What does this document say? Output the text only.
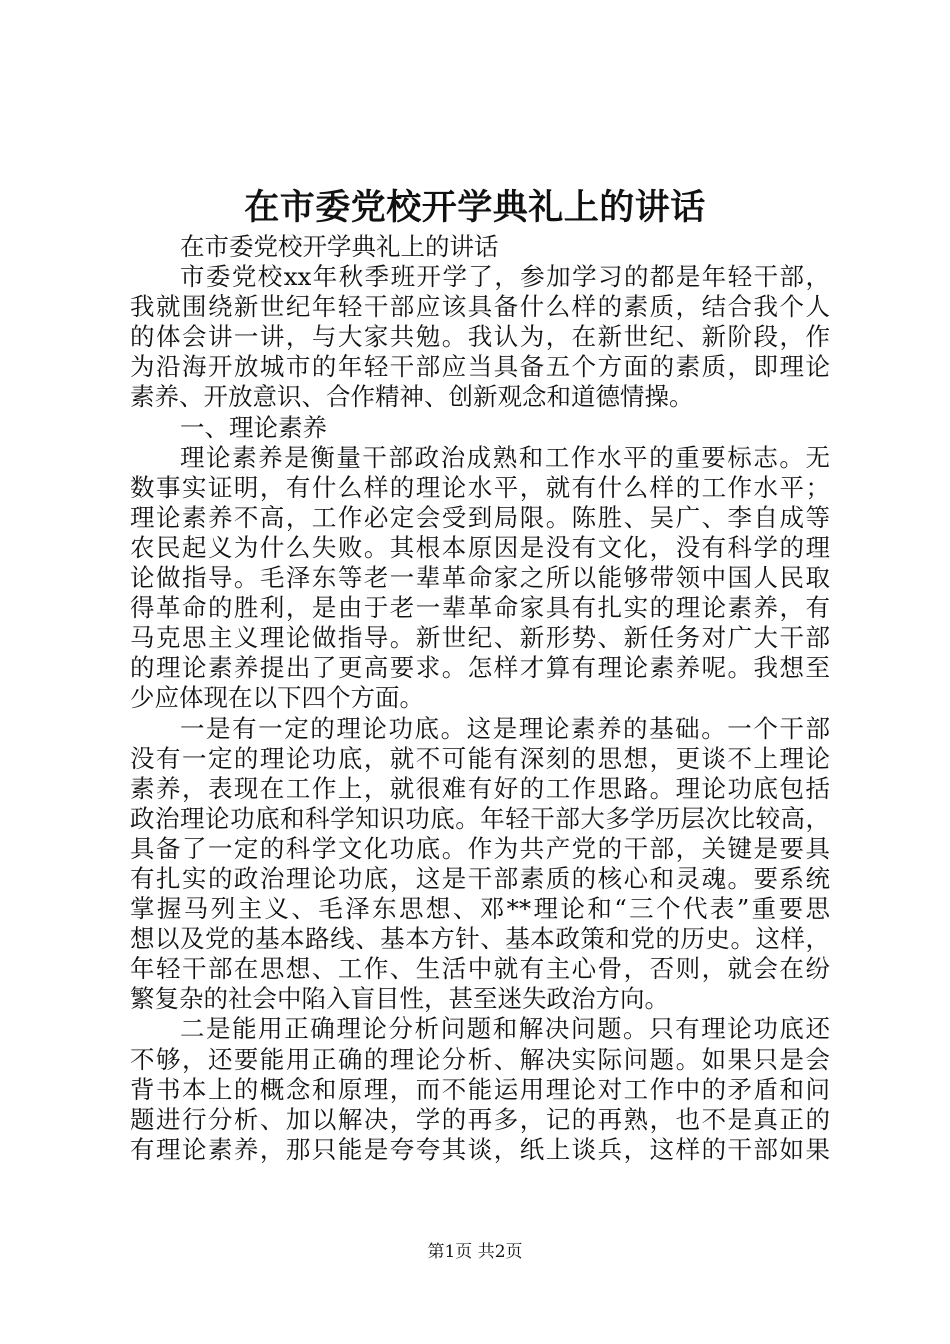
在市委党校开学典礼上的讲话
在市委党校开学典礼上的讲话
市委党校xx年秋季班开学了，参加学习的都是年轻干部，
我就围绕新世纪年轻干部应该具备什么样的素质，结合我个人
的体会讲一讲，与大家共勉。我认为，在新世纪、新阶段，作
为沿海开放城市的年轻干部应当具备五个方面的素质，即理论
素养、开放意识、合作精神、创新观念和道德情操。
一、理论素养
理论素养是衡量干部政治成熟和工作水平的重要标志。无
数事实证明，有什么样的理论水平，就有什么样的工作水平；
理论素养不高，工作必定会受到局限。陈胜、吴广、李自成等
农民起义为什么失败。其根本原因是没有文化，没有科学的理
论做指导。毛泽东等老一辈革命家之所以能够带领中国人民取
得革命的胜利，是由于老一辈革命家具有扎实的理论素养，有
马克思主义理论做指导。新世纪、新形势、新任务对广大干部
的理论素养提出了更高要求。怎样才算有理论素养呢。我想至
少应体现在以下四个方面。
一是有一定的理论功底。这是理论素养的基础。一个干部
没有一定的理论功底，就不可能有深刻的思想，更谈不上理论
素养，表现在工作上，就很难有好的工作思路。理论功底包括
政治理论功底和科学知识功底。年轻干部大多学历层次比较高，
具备了一定的科学文化功底。作为共产党的干部，关键是要具
有扎实的政治理论功底，这是干部素质的核心和灵魂。要系统
掌握马列主义、毛泽东思想、邓**理论和“三个代表”重要思
想以及党的基本路线、基本方针、基本政策和党的历史。这样，
年轻干部在思想、工作、生活中就有主心骨，否则，就会在纷
繁复杂的社会中陷入盲目性，甚至迷失政治方向。
二是能用正确理论分析问题和解决问题。只有理论功底还
不够，还要能用正确的理论分析、解决实际问题。如果只是会
背书本上的概念和原理，而不能运用理论对工作中的矛盾和问
题进行分析、加以解决，学的再多，记的再熟，也不是真正的
有理论素养，那只能是夸夸其谈，纸上谈兵，这样的干部如果
第1页 共2页
